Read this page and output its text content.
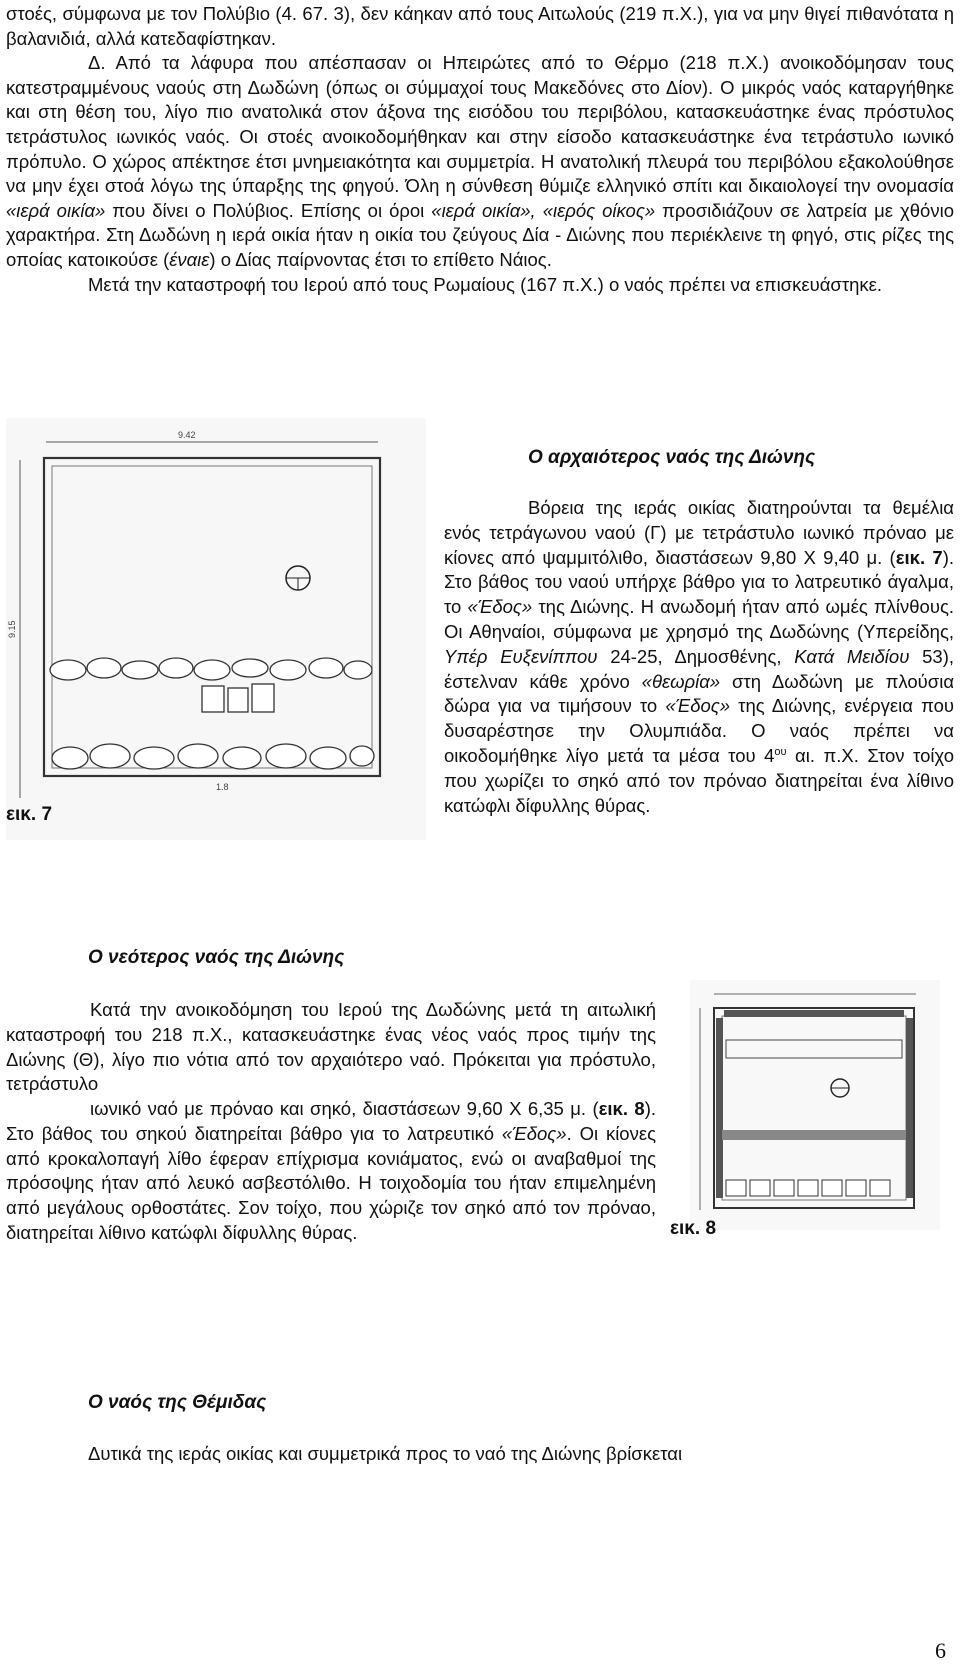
στοές, σύμφωνα με τον Πολύβιο (4. 67. 3), δεν κάηκαν από τους Αιτωλούς (219 π.Χ.), για να μην θιγεί πιθανότατα η βαλανιδιά, αλλά κατεδαφίστηκαν.
Δ. Από τα λάφυρα που απέσπασαν οι Ηπειρώτες από το Θέρμο (218 π.Χ.) ανοικοδόμησαν τους κατεστραμμένους ναούς στη Δωδώνη (όπως οι σύμμαχοί τους Μακεδόνες στο Δίον). Ο μικρός ναός καταργήθηκε και στη θέση του, λίγο πιο ανατολικά στον άξονα της εισόδου του περιβόλου, κατασκευάστηκε ένας πρόστυλος τετράστυλος ιωνικός ναός. Οι στοές ανοικοδομήθηκαν και στην είσοδο κατασκευάστηκε ένα τετράστυλο ιωνικό πρόπυλο. Ο χώρος απέκτησε έτσι μνημειακότητα και συμμετρία. Η ανατολική πλευρά του περιβόλου εξακολούθησε να μην έχει στοά λόγω της ύπαρξης της φηγού. Όλη η σύνθεση θύμιζε ελληνικό σπίτι και δικαιολογεί την ονομασία «ιερά οικία» που δίνει ο Πολύβιος. Επίσης οι όροι «ιερά οικία», «ιερός οίκος» προσιδιάζουν σε λατρεία με χθόνιο χαρακτήρα. Στη Δωδώνη η ιερά οικία ήταν η οικία του ζεύγους Δία - Διώνης που περιέκλεινε τη φηγό, στις ρίζες της οποίας κατοικούσε (έναιε) ο Δίας παίρνοντας έτσι το επίθετο Νάιος.
Μετά την καταστροφή του Ιερού από τους Ρωμαίους (167 π.Χ.) ο ναός πρέπει να επισκευάστηκε.

9.42
9.15
1.8

εικ. 7

Ο αρχαιότερος ναός της Διώνης

Βόρεια της ιεράς οικίας διατηρούνται τα θεμέλια ενός τετράγωνου ναού (Γ) με τετράστυλο ιωνικό πρόναο με κίονες από ψαμμιτόλιθο, διαστάσεων 9,80 Χ 9,40 μ. (εικ. 7). Στο βάθος του ναού υπήρχε βάθρο για το λατρευτικό άγαλμα, το «Έδος» της Διώνης. Η ανωδομή ήταν από ωμές πλίνθους. Οι Αθηναίοι, σύμφωνα με χρησμό της Δωδώνης (Υπερείδης, Υπέρ Ευξενίππου 24-25, Δημοσθένης, Κατά Μειδίου 53), έστελναν κάθε χρόνο «θεωρία» στη Δωδώνη με πλούσια δώρα για να τιμήσουν το «Έδος» της Διώνης, ενέργεια που δυσαρέστησε την Ολυμπιάδα. Ο ναός πρέπει να οικοδομήθηκε λίγο μετά τα μέσα του $4^{o\upsilon}$ αι. π.Χ. Στον τοίχο που χωρίζει το σηκό από τον πρόναο διατηρείται ένα λίθινο κατώφλι δίφυλλης θύρας.

Ο νεότερος ναός της Διώνης

Κατά την ανοικοδόμηση του Ιερού της Δωδώνης μετά τη αιτωλική καταστροφή του 218 π.Χ., κατασκευάστηκε ένας νέος ναός προς τιμήν της Διώνης (Θ), λίγο πιο νότια από τον αρχαιότερο ναό. Πρόκειται για πρόστυλο, τετράστυλο

ιωνικό ναό με πρόναο και σηκό, διαστάσεων 9,60 Χ 6,35 μ. (εικ. 8). Στο βάθος του σηκού διατηρείται βάθρο για το λατρευτικό «Έδος». Οι κίονες από κροκαλοπαγή λίθο έφεραν επίχρισμα κονιάματος, ενώ οι αναβαθμοί της πρόσοψης ήταν από λευκό ασβεστόλιθο. Η τοιχοδομία του ήταν επιμελημένη από μεγάλους ορθοστάτες. Σον τοίχο, που χώριζε τον σηκό από τον πρόναο, διατηρείται λίθινο κατώφλι δίφυλλης θύρας.	εικ. 8

Ο ναός της Θέμιδας

Δυτικά της ιεράς οικίας και συμμετρικά προς το ναό της Διώνης βρίσκεται

6
